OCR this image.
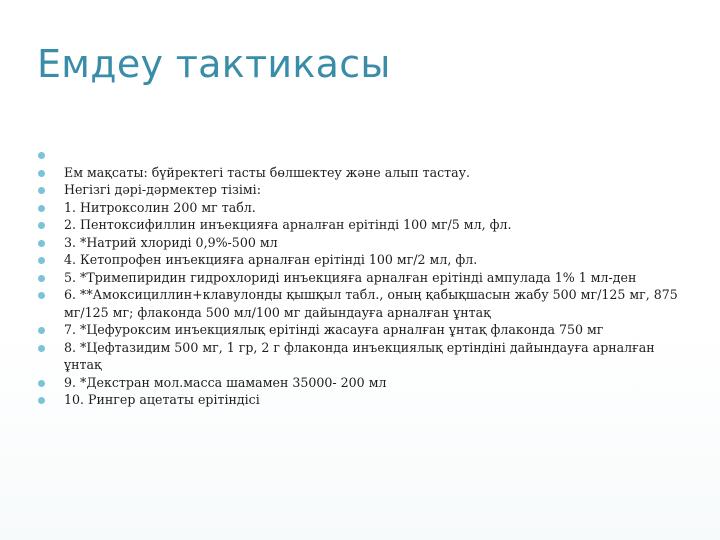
Емдеу тактикасы
Ем мақсаты: бүйректегі тасты бөлшектеу және алып тастау.
Негізгі дәрі-дәрмектер тізімі:
1. Нитроксолин 200 мг табл.
2. Пентоксифиллин инъекцияға арналған ерітінді 100 мг/5 мл, фл.
3. *Натрий хлориді 0,9%-500 мл
4. Кетопрофен инъекцияға арналған ерітінді 100 мг/2 мл, фл.
5. *Тримепиридин гидрохлориді инъекцияға арналған ерітінді ампулада 1% 1 мл-ден
6. **Амоксициллин+клавулонды қышқыл табл., оның қабықшасын жабу 500 мг/125 мг, 875 мг/125 мг; флаконда 500 мл/100 мг дайындауға арналған ұнтақ
7. *Цефуроксим инъекциялық ерітінді жасауға арналған ұнтақ флаконда 750 мг
8. *Цефтазидим 500 мг, 1 гр, 2 г флаконда инъекциялық ертіндіні дайындауға арналған ұнтақ
9. *Декстран мол.масса шамамен 35000- 200 мл
10. Рингер ацетаты ерітіндісі
